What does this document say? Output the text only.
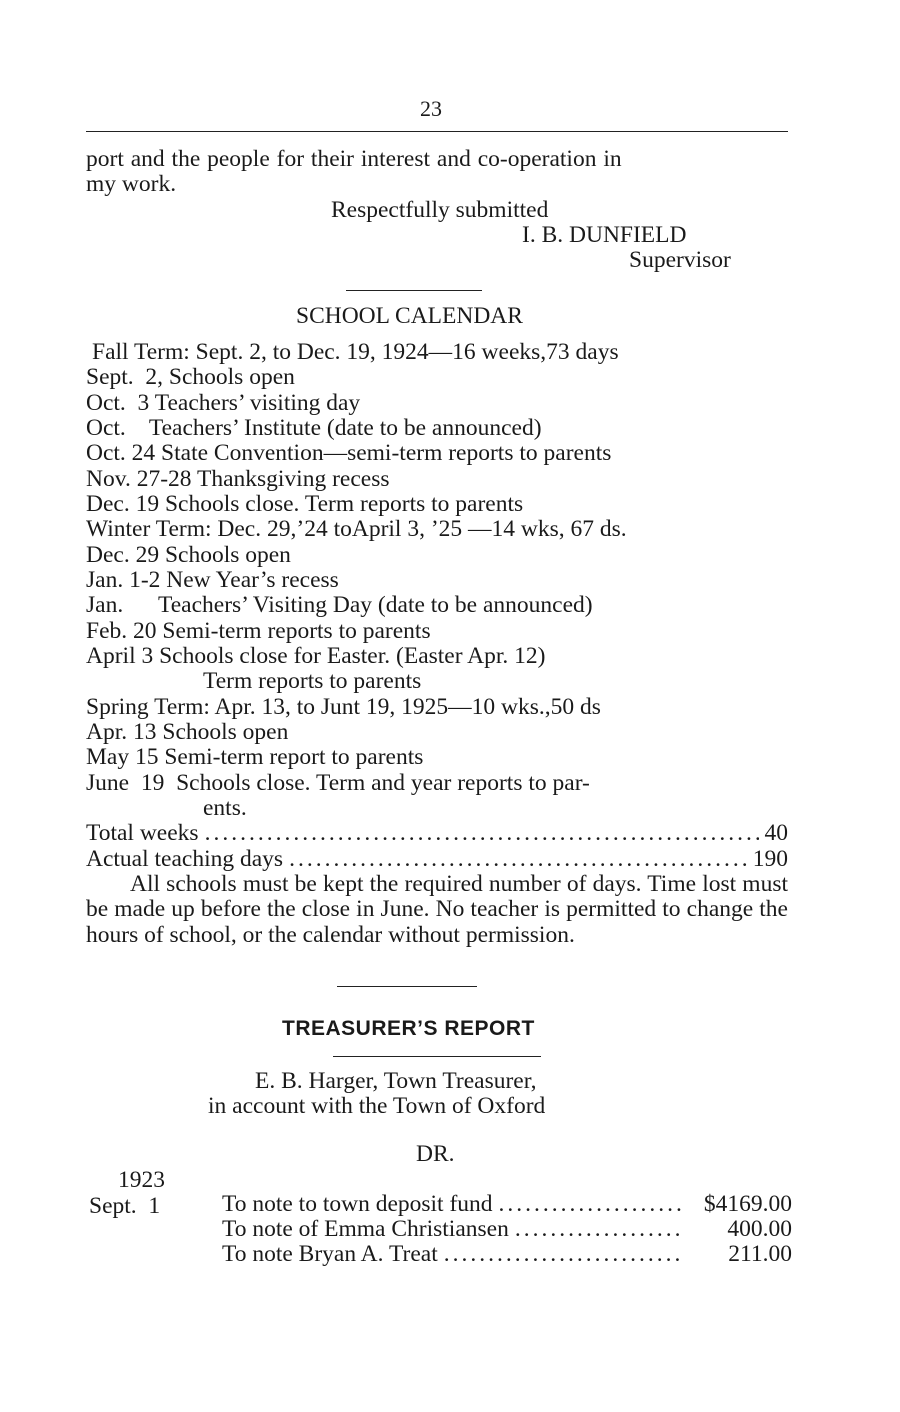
23
port and the people for their interest and co-operation in
my work.
Respectfully submitted
I. B. DUNFIELD
Supervisor
SCHOOL CALENDAR
Fall Term: Sept. 2, to Dec. 19, 1924—16 weeks,73 days
Sept.  2, Schools open
Oct.  3 Teachers’ visiting day
Oct.    Teachers’ Institute (date to be announced)
Oct. 24 State Convention—semi-term reports to parents
Nov. 27-28 Thanksgiving recess
Dec. 19 Schools close. Term reports to parents
Winter Term: Dec. 29,’24 toApril 3, ’25 —14 wks, 67 ds.
Dec. 29 Schools open
Jan. 1-2 New Year’s recess
Jan.      Teachers’ Visiting Day (date to be announced)
Feb. 20 Semi-term reports to parents
April 3 Schools close for Easter. (Easter Apr. 12)
Term reports to parents
Spring Term: Apr. 13, to Junt 19, 1925—10 wks.,50 ds
Apr. 13 Schools open
May 15 Semi-term report to parents
June  19  Schools close. Term and year reports to par-
ents.
Total weeks .....	40
Actual teaching days .....	190
All schools must be kept the required number of days. Time lost must be made up before the close in June. No teacher is permitted to change the hours of school, or the calendar without permission.
TREASURER’S REPORT
E. B. Harger, Town Treasurer,
in account with the Town of Oxford
DR.
1923
Sept.  1	To note to town deposit fund .....	$4169.00
To note of Emma Christiansen .....	400.00
To note Bryan A. Treat .....	211.00
